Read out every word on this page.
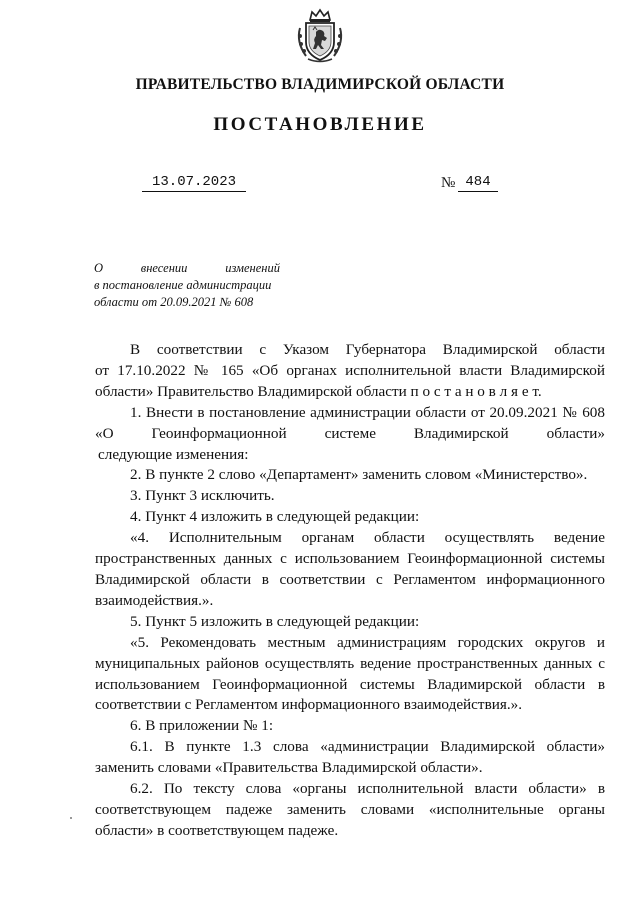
ПРАВИТЕЛЬСТВО ВЛАДИМИРСКОЙ ОБЛАСТИ
ПОСТАНОВЛЕНИЕ
13.07.2023	№ 484
О	внесении	изменений
в постановление администрации
области от 20.09.2021 № 608
В соответствии с Указом Губернатора Владимирской области
от 17.10.2022 № 165 «Об органах исполнительной власти Владимирской
области» Правительство Владимирской области п о с т а н о в л я е т.
1. Внести в постановление администрации области от 20.09.2021 № 608
«О Геоинформационной системе Владимирской области»
следующие изменения:
2. В пункте 2 слово «Департамент» заменить словом «Министерство».
3. Пункт 3 исключить.
4. Пункт 4 изложить в следующей редакции:
«4. Исполнительным органам области осуществлять ведение пространственных данных с использованием Геоинформационной системы Владимирской области в соответствии с Регламентом информационного взаимодействия.».
5. Пункт 5 изложить в следующей редакции:
«5. Рекомендовать местным администрациям городских округов и муниципальных районов осуществлять ведение пространственных данных с использованием Геоинформационной системы Владимирской области в соответствии с Регламентом информационного взаимодействия.».
6. В приложении № 1:
6.1. В пункте 1.3 слова «администрации Владимирской области» заменить словами «Правительства Владимирской области».
6.2. По тексту слова «органы исполнительной власти области» в соответствующем падеже заменить словами «исполнительные органы области» в соответствующем падеже.
